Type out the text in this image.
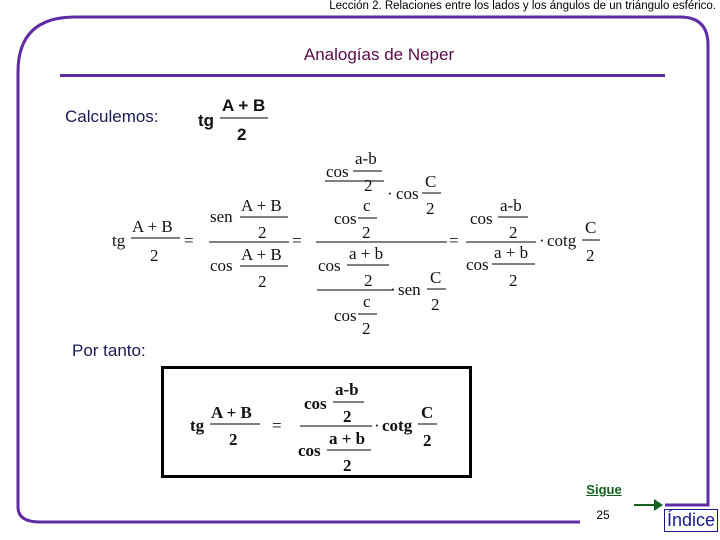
Lección 2. Relaciones entre los lados y los ángulos de un triángulo esférico.
Analogías de Neper
Calculemos:
Por tanto:
tg
A + B
2
tg
A + B
2
=
sen
A + B
2
cos
A + B
2
=
cos
a-b
2
cos
c
2
· cos
C
2
cos
a + b
2
cos
c
2
· sen
C
2
=
cos
a-b
2
cos
a + b
2
· cotg
C
2
tg
A + B
2
=
cos
a-b
2
cos
a + b
2
· cotg
C
2
Sigue
25	Índice
